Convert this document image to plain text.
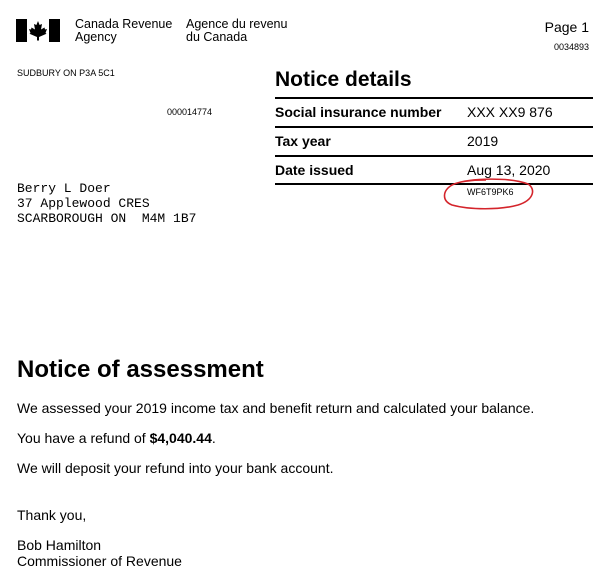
Canada Revenue
Agency
Agence du revenu
du Canada
Page 1
0034893
SUDBURY ON P3A 5C1
000014774
Berry L Doer
37 Applewood CRES
SCARBOROUGH ON  M4M 1B7
Notice details
Social insurance number XXX XX9 876
Tax year	2019
Date issued	Aug 13, 2020
WF6T9PK6
Notice of assessment
We assessed your 2019 income tax and benefit return and calculated your balance.
You have a refund of $4,040.44.
We will deposit your refund into your bank account.
Thank you,
Bob Hamilton
Commissioner of Revenue
